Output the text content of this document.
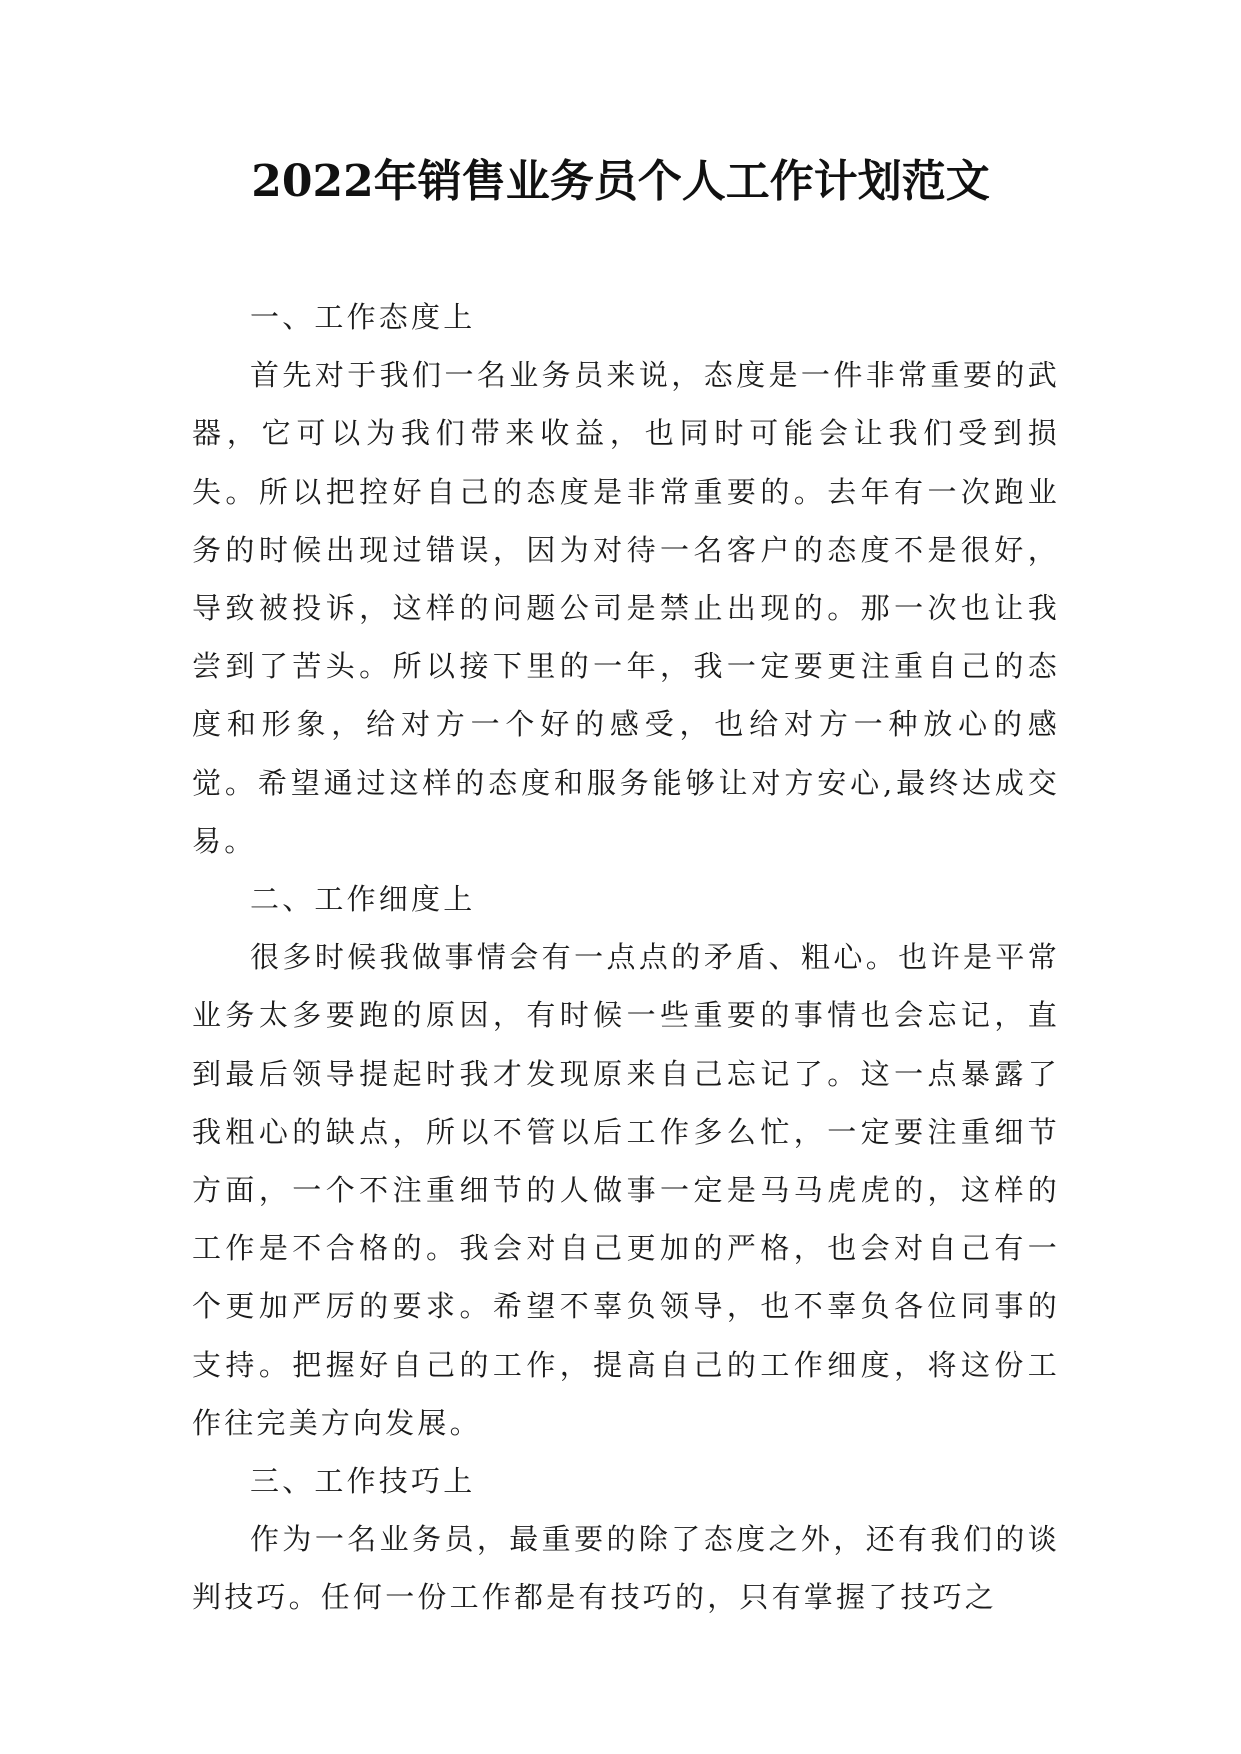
2022年销售业务员个人工作计划范文

一、工作态度上

首先对于我们一名业务员来说，态度是一件非常重要的武器，它可以为我们带来收益，也同时可能会让我们受到损失。所以把控好自己的态度是非常重要的。去年有一次跑业务的时候出现过错误，因为对待一名客户的态度不是很好，导致被投诉，这样的问题公司是禁止出现的。那一次也让我尝到了苦头。所以接下里的一年，我一定要更注重自己的态度和形象，给对方一个好的感受，也给对方一种放心的感觉。希望通过这样的态度和服务能够让对方安心,最终达成交易。

二、工作细度上

很多时候我做事情会有一点点的矛盾、粗心。也许是平常业务太多要跑的原因，有时候一些重要的事情也会忘记，直到最后领导提起时我才发现原来自己忘记了。这一点暴露了我粗心的缺点，所以不管以后工作多么忙，一定要注重细节方面，一个不注重细节的人做事一定是马马虎虎的，这样的工作是不合格的。我会对自己更加的严格，也会对自己有一个更加严厉的要求。希望不辜负领导，也不辜负各位同事的支持。把握好自己的工作，提高自己的工作细度，将这份工作往完美方向发展。

三、工作技巧上

作为一名业务员，最重要的除了态度之外，还有我们的谈判技巧。任何一份工作都是有技巧的，只有掌握了技巧之
